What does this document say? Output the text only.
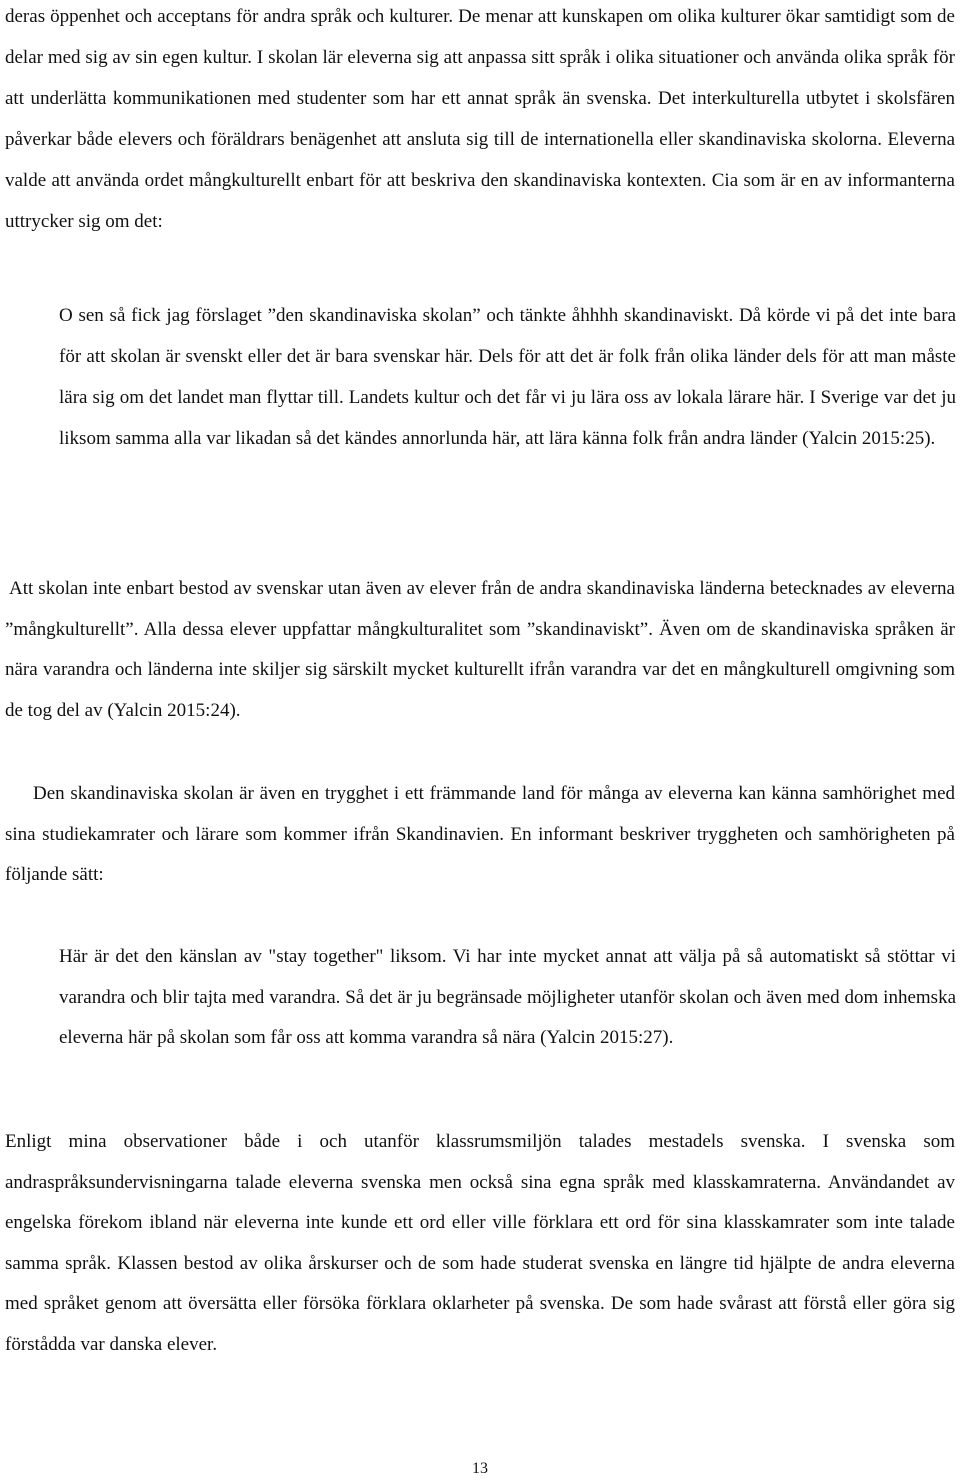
deras öppenhet och acceptans för andra språk och kulturer. De menar att kunskapen om olika kulturer ökar samtidigt som de delar med sig av sin egen kultur. I skolan lär eleverna sig att anpassa sitt språk i olika situationer och använda olika språk för att underlätta kommunikationen med studenter som har ett annat språk än svenska. Det interkulturella utbytet i skolsfären påverkar både elevers och föräldrars benägenhet att ansluta sig till de internationella eller skandinaviska skolorna. Eleverna valde att använda ordet mångkulturellt enbart för att beskriva den skandinaviska kontexten. Cia som är en av informanterna uttrycker sig om det:

O sen så fick jag förslaget ”den skandinaviska skolan” och tänkte åhhhh skandinaviskt. Då körde vi på det inte bara för att skolan är svenskt eller det är bara svenskar här. Dels för att det är folk från olika länder dels för att man måste lära sig om det landet man flyttar till. Landets kultur och det får vi ju lära oss av lokala lärare här. I Sverige var det ju liksom samma alla var likadan så det kändes annorlunda här, att lära känna folk från andra länder (Yalcin 2015:25).

Att skolan inte enbart bestod av svenskar utan även av elever från de andra skandinaviska länderna betecknades av eleverna ”mångkulturellt”. Alla dessa elever uppfattar mångkulturalitet som ”skandinaviskt”. Även om de skandinaviska språken är nära varandra och länderna inte skiljer sig särskilt mycket kulturellt ifrån varandra var det en mångkulturell omgivning som de tog del av (Yalcin 2015:24).

Den skandinaviska skolan är även en trygghet i ett främmande land för många av eleverna kan känna samhörighet med sina studiekamrater och lärare som kommer ifrån Skandinavien. En informant beskriver tryggheten och samhörigheten på följande sätt:

Här är det den känslan av "stay together" liksom. Vi har inte mycket annat att välja på så automatiskt så stöttar vi varandra och blir tajta med varandra. Så det är ju begränsade möjligheter utanför skolan och även med dom inhemska eleverna här på skolan som får oss att komma varandra så nära (Yalcin 2015:27).

Enligt mina observationer både i och utanför klassrumsmiljön talades mestadels svenska. I svenska som andraspråksundervisningarna talade eleverna svenska men också sina egna språk med klasskamraterna. Användandet av engelska förekom ibland när eleverna inte kunde ett ord eller ville förklara ett ord för sina klasskamrater som inte talade samma språk. Klassen bestod av olika årskurser och de som hade studerat svenska en längre tid hjälpte de andra eleverna med språket genom att översätta eller försöka förklara oklarheter på svenska. De som hade svårast att förstå eller göra sig förstådda var danska elever.

13
